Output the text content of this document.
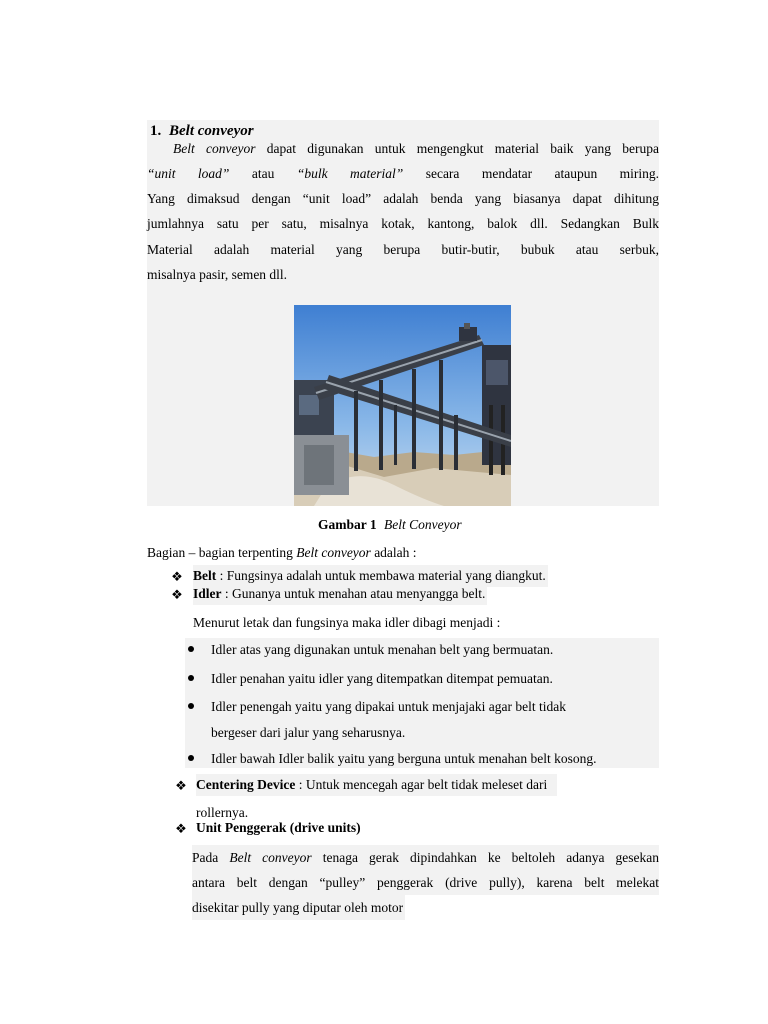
1. Belt conveyor
Belt conveyor dapat digunakan untuk mengengkut material baik yang berupa
“unit load” atau “bulk material” secara mendatar ataupun miring.
Yang dimaksud dengan “unit load” adalah benda yang biasanya dapat dihitung
jumlahnya satu per satu, misalnya kotak, kantong, balok dll. Sedangkan Bulk
Material adalah material yang berupa butir-butir, bubuk atau serbuk,
misalnya pasir, semen dll.
Gambar 1 Belt Conveyor
Bagian – bagian terpenting Belt conveyor adalah :
❖ Belt : Fungsinya adalah untuk membawa material yang diangkut.
❖ Idler : Gunanya untuk menahan atau menyangga belt.
Menurut letak dan fungsinya maka idler dibagi menjadi :
Idler atas yang digunakan untuk menahan belt yang bermuatan.
Idler penahan yaitu idler yang ditempatkan ditempat pemuatan.
Idler penengah yaitu yang dipakai untuk menjajaki agar belt tidak
bergeser dari jalur yang seharusnya.
Idler bawah Idler balik yaitu yang berguna untuk menahan belt kosong.
❖ Centering Device : Untuk mencegah agar belt tidak meleset dari
rollernya.
❖ Unit Penggerak (drive units)
Pada Belt conveyor tenaga gerak dipindahkan ke beltoleh adanya gesekan
antara belt dengan “pulley” penggerak (drive pully), karena belt melekat
disekitar pully yang diputar oleh motor
